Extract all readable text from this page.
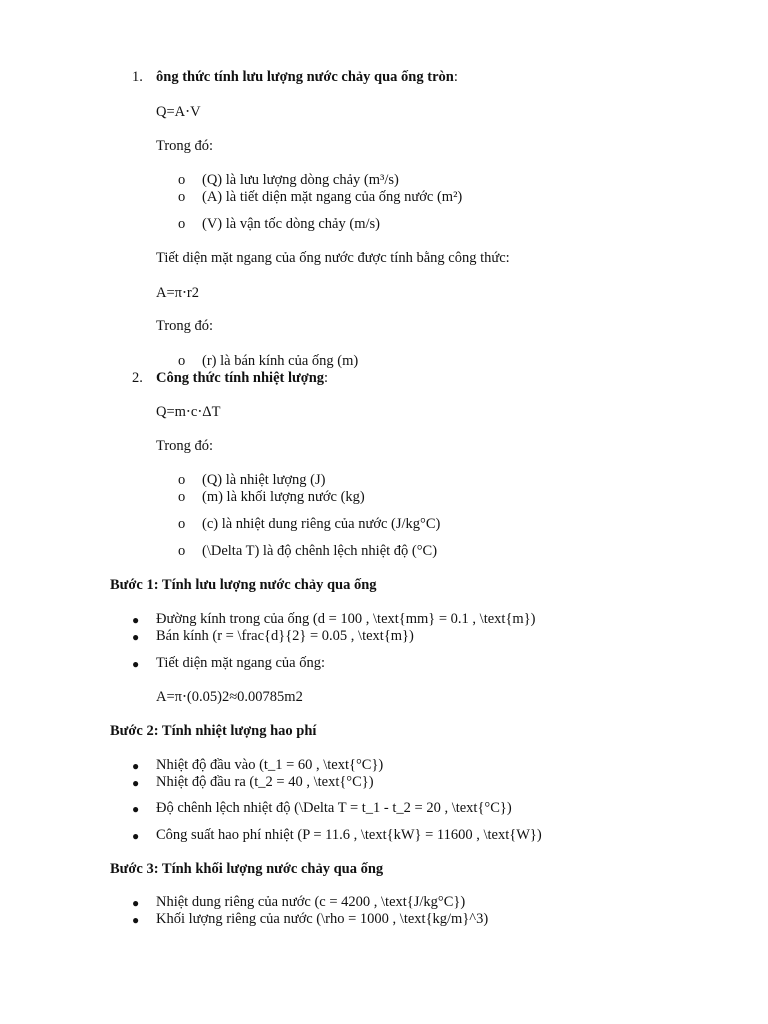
1. ông thức tính lưu lượng nước chảy qua ống tròn:
Q=A⋅V
Trong đó:
o (Q) là lưu lượng dòng chảy (m³/s)
o (A) là tiết diện mặt ngang của ống nước (m²)
o (V) là vận tốc dòng chảy (m/s)
Tiết diện mặt ngang của ống nước được tính bằng công thức:
A=π⋅r2
Trong đó:
o (r) là bán kính của ống (m)
2. Công thức tính nhiệt lượng:
Q=m⋅c⋅ΔT
Trong đó:
o (Q) là nhiệt lượng (J)
o (m) là khối lượng nước (kg)
o (c) là nhiệt dung riêng của nước (J/kg°C)
o (\Delta T) là độ chênh lệch nhiệt độ (°C)
Bước 1: Tính lưu lượng nước chảy qua ống
● Đường kính trong của ống (d = 100 , \text{mm} = 0.1 , \text{m})
● Bán kính (r = \frac{d}{2} = 0.05 , \text{m})
● Tiết diện mặt ngang của ống:
A=π⋅(0.05)2≈0.00785m2
Bước 2: Tính nhiệt lượng hao phí
● Nhiệt độ đầu vào (t_1 = 60 , \text{°C})
● Nhiệt độ đầu ra (t_2 = 40 , \text{°C})
● Độ chênh lệch nhiệt độ (\Delta T = t_1 - t_2 = 20 , \text{°C})
● Công suất hao phí nhiệt (P = 11.6 , \text{kW} = 11600 , \text{W})
Bước 3: Tính khối lượng nước chảy qua ống
● Nhiệt dung riêng của nước (c = 4200 , \text{J/kg°C})
● Khối lượng riêng của nước (\rho = 1000 , \text{kg/m}^3)
